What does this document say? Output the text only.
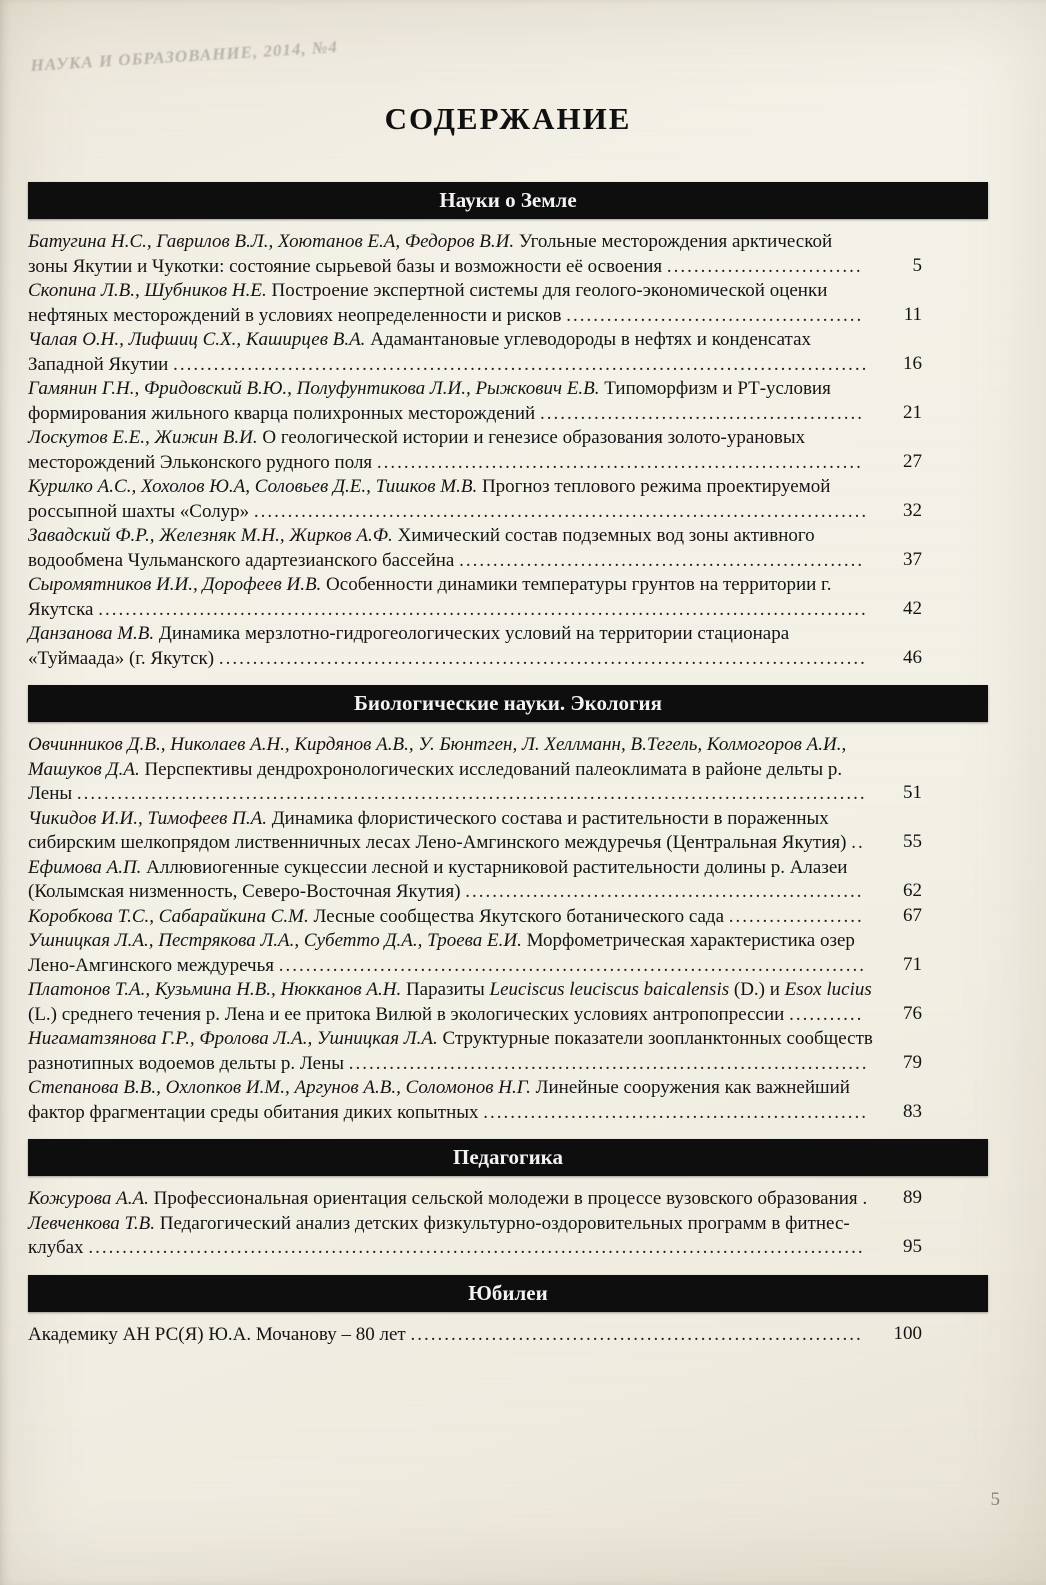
НАУКА И ОБРАЗОВАНИЕ, 2014, №4
СОДЕРЖАНИЕ
Науки о Земле
Батугина Н.С., Гаврилов В.Л., Хоютанов Е.А, Федоров В.И. Угольные месторождения арктической зоны Якутии и Чукотки: состояние сырьевой базы и возможности её освоения .............................	5
Скопина Л.В., Шубников Н.Е. Построение экспертной системы для геолого-экономической оценки нефтяных месторождений в условиях неопределенности и рисков ............................................	11
Чалая О.Н., Лифшиц С.Х., Каширцев В.А. Адамантановые углеводороды в нефтях и конденсатах Западной Якутии .......................................................................................................	16
Гамянин Г.Н., Фридовский В.Ю., Полуфунтикова Л.И., Рыжкович Е.В. Типоморфизм и РТ-условия формирования жильного кварца полихронных месторождений ................................................	21
Лоскутов Е.Е., Жижин В.И. О геологической истории и генезисе образования золото-урановых месторождений Эльконского рудного поля ........................................................................	27
Курилко А.С., Хохолов Ю.А, Соловьев Д.Е., Тишков М.В. Прогноз теплового режима проектируемой россыпной шахты «Солур» ...........................................................................................	32
Завадский Ф.Р., Железняк М.Н., Жирков А.Ф. Химический состав подземных вод зоны активного водообмена Чульманского адартезианского бассейна ............................................................	37
Сыромятников И.И., Дорофеев И.В. Особенности динамики температуры грунтов на территории г. Якутска ..................................................................................................................	42
Данзанова М.В. Динамика мерзлотно-гидрогеологических условий на территории стационара «Туймаада» (г. Якутск) ................................................................................................	46
Биологические науки. Экология
Овчинников Д.В., Николаев А.Н., Кирдянов А.В., У. Бюнтген, Л. Хеллманн, В.Тегель, Колмогоров А.И., Машуков Д.А. Перспективы дендрохронологических исследований палеоклимата в районе дельты р. Лены .....................................................................................................................	51
Чикидов И.И., Тимофеев П.А. Динамика флористического состава и растительности в пораженных сибирским шелкопрядом лиственничных лесах Лено-Амгинского междуречья (Центральная Якутия) ..	55
Ефимова А.П. Аллювиогенные сукцессии лесной и кустарниковой растительности долины р. Алазеи (Колымская низменность, Северо-Восточная Якутия) ...........................................................	62
Коробкова Т.С., Сабарайкина С.М. Лесные сообщества Якутского ботанического сада ....................	67
Ушницкая Л.А., Пестрякова Л.А., Субетто Д.А., Троева Е.И. Морфометрическая характеристика озер Лено-Амгинского междуречья .......................................................................................	71
Платонов Т.А., Кузьмина Н.В., Нюкканов А.Н. Паразиты Leuciscus leuciscus baicalensis (D.) и Esox lucius (L.) среднего течения р. Лена и ее притока Вилюй в экологических условиях антропопрессии ...........	76
Нигаматзянова Г.Р., Фролова Л.А., Ушницкая Л.А. Структурные показатели зоопланктонных сообществ разнотипных водоемов дельты р. Лены .............................................................................	79
Степанова В.В., Охлопков И.М., Аргунов А.В., Соломонов Н.Г. Линейные сооружения как важнейший фактор фрагментации среды обитания диких копытных .........................................................	83
Педагогика
Кожурова А.А. Профессиональная ориентация сельской молодежи в процессе вузовского образования .	89
Левченкова Т.В. Педагогический анализ детских физкультурно-оздоровительных программ в фитнес-клубах ...................................................................................................................	95
Юбилеи
Академику АН РС(Я) Ю.А. Мочанову – 80 лет ...................................................................	100
5
